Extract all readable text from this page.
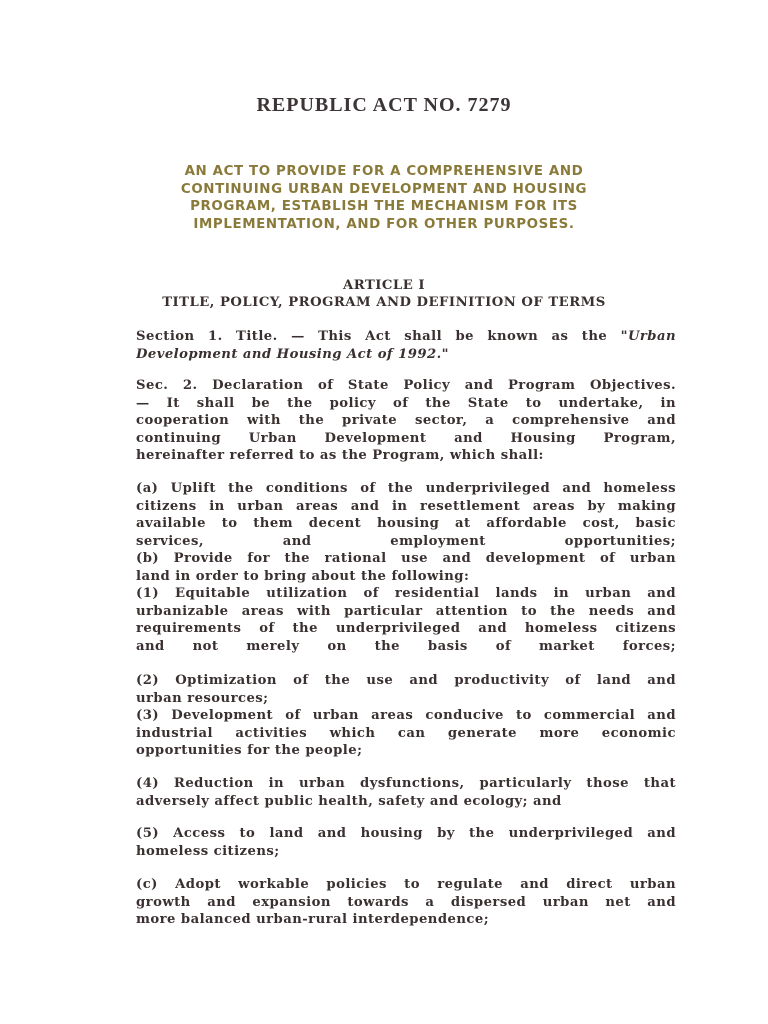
REPUBLIC ACT NO. 7279
AN ACT TO PROVIDE FOR A COMPREHENSIVE AND
CONTINUING URBAN DEVELOPMENT AND HOUSING
PROGRAM, ESTABLISH THE MECHANISM FOR ITS
IMPLEMENTATION, AND FOR OTHER PURPOSES.
ARTICLE I
TITLE, POLICY, PROGRAM AND DEFINITION OF TERMS
Section 1. Title. — This Act shall be known as the "Urban
Development and Housing Act of 1992."
Sec. 2. Declaration of State Policy and Program Objectives.
— It shall be the policy of the State to undertake, in
cooperation with the private sector, a comprehensive and
continuing Urban Development and Housing Program,
hereinafter referred to as the Program, which shall:
(a) Uplift the conditions of the underprivileged and homeless
citizens in urban areas and in resettlement areas by making
available to them decent housing at affordable cost, basic
services, and employment opportunities;
(b) Provide for the rational use and development of urban
land in order to bring about the following:
(1) Equitable utilization of residential lands in urban and
urbanizable areas with particular attention to the needs and
requirements of the underprivileged and homeless citizens
and not merely on the basis of market forces;
(2) Optimization of the use and productivity of land and
urban resources;
(3) Development of urban areas conducive to commercial and
industrial activities which can generate more economic
opportunities for the people;
(4) Reduction in urban dysfunctions, particularly those that
adversely affect public health, safety and ecology; and
(5) Access to land and housing by the underprivileged and
homeless citizens;
(c) Adopt workable policies to regulate and direct urban
growth and expansion towards a dispersed urban net and
more balanced urban-rural interdependence;
